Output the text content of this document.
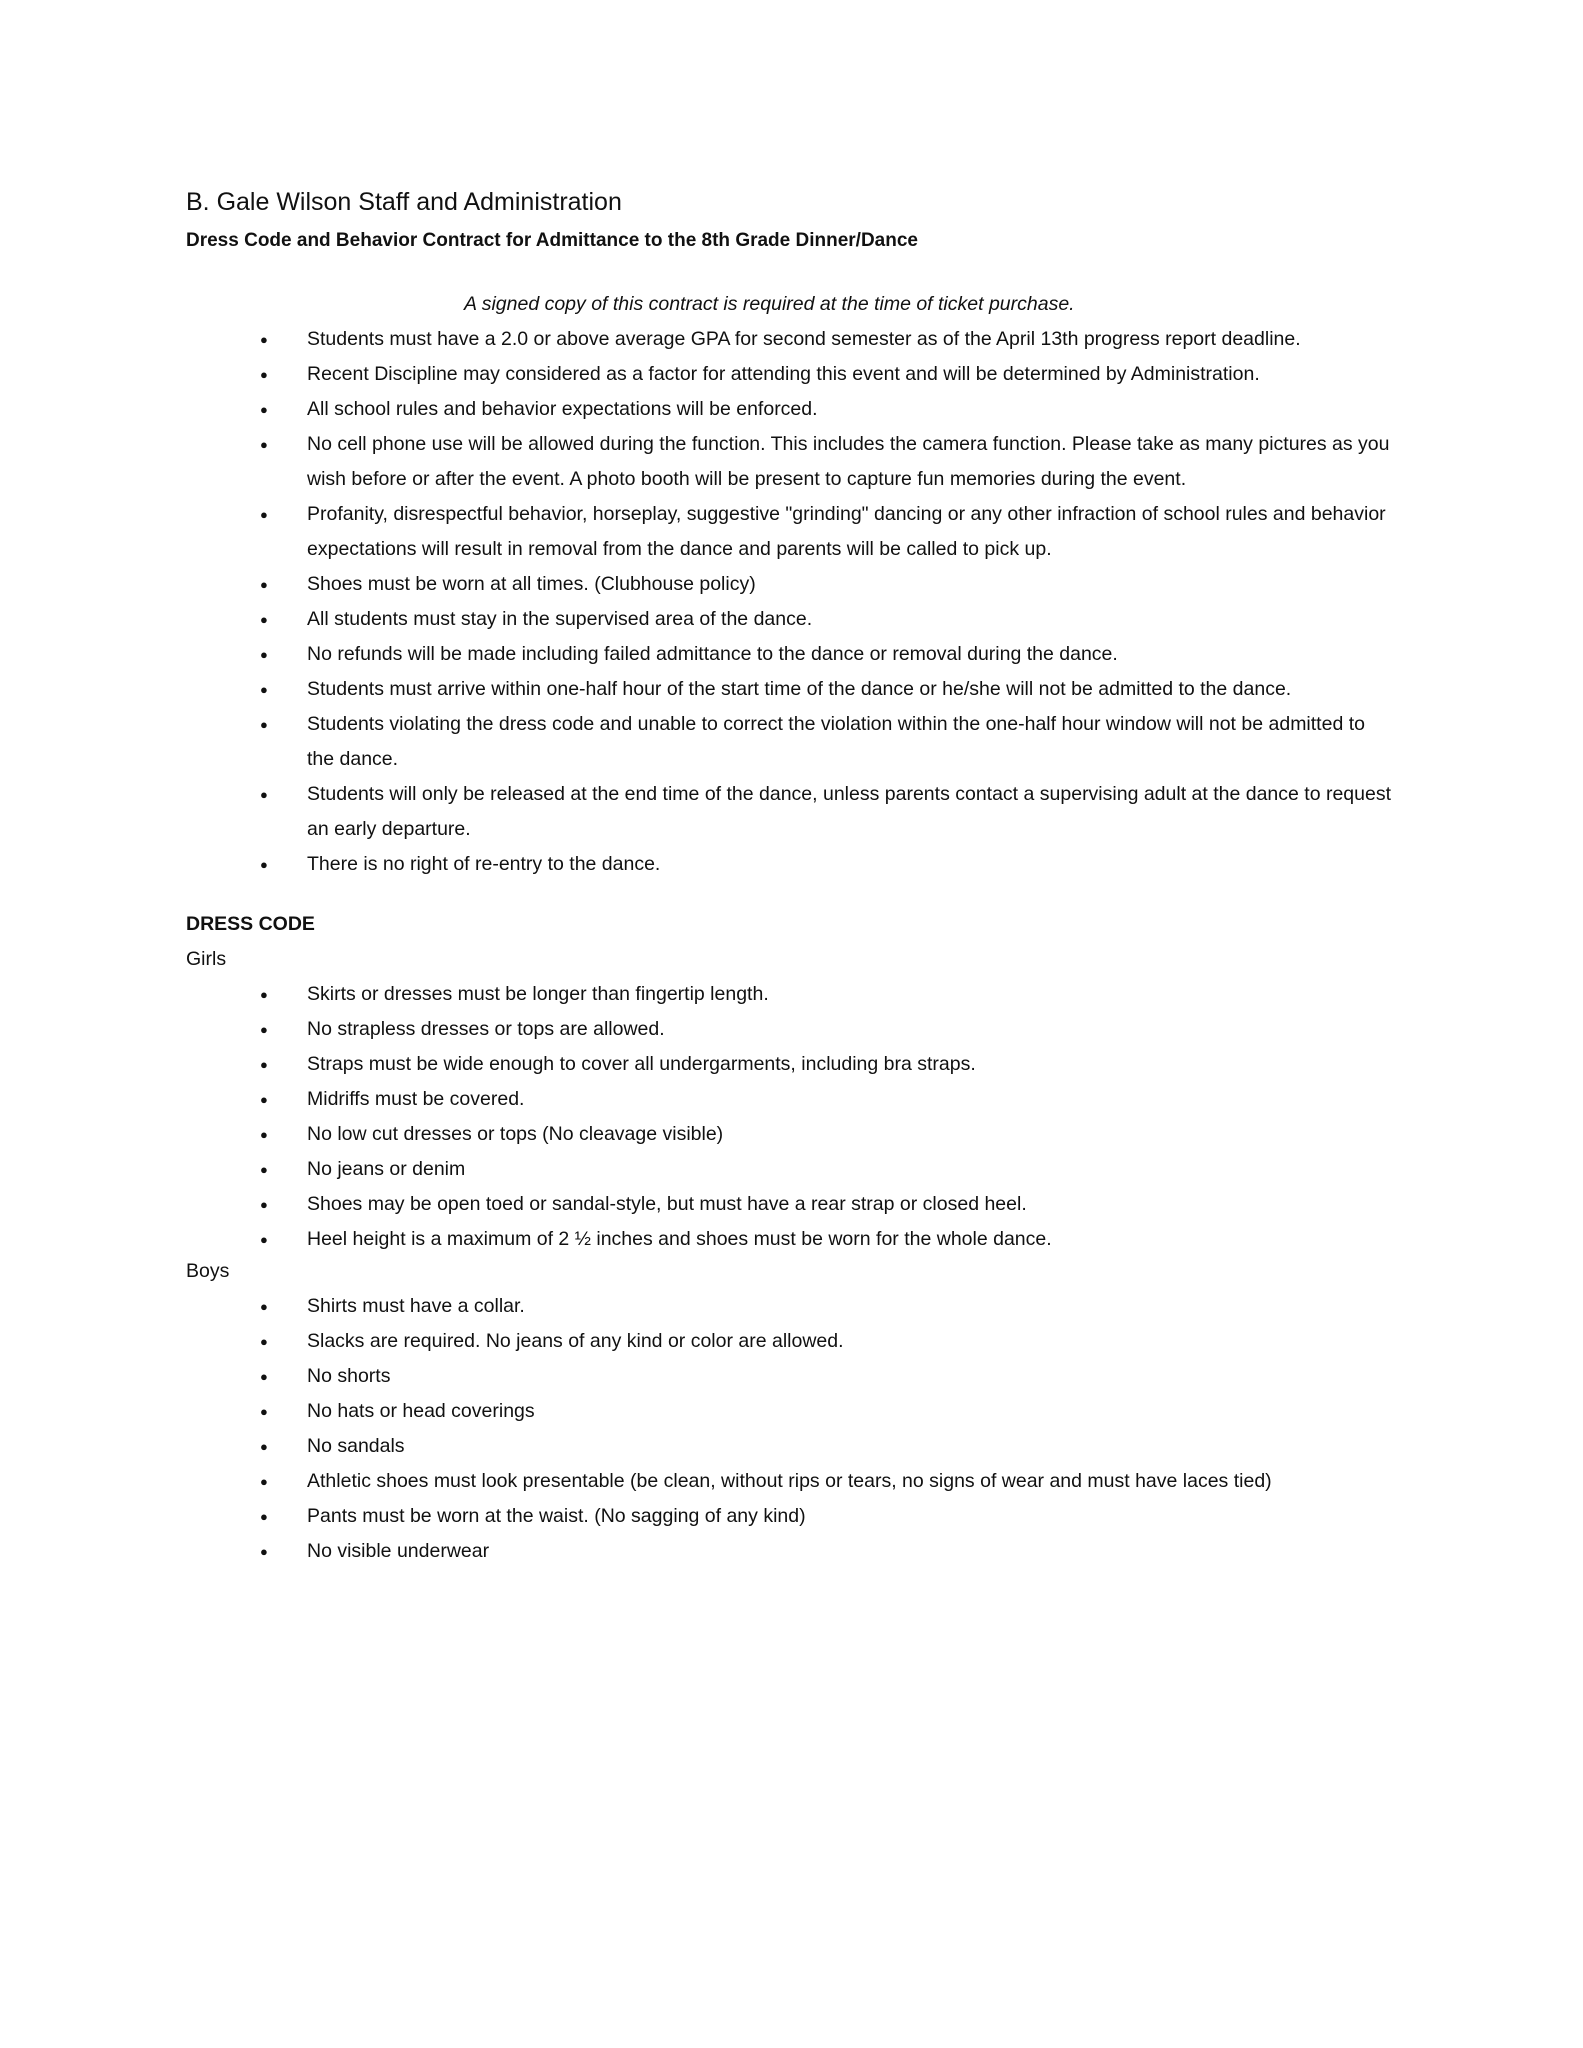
B. Gale Wilson Staff and Administration
Dress Code and Behavior Contract for Admittance to the 8th Grade Dinner/Dance

A signed copy of this contract is required at the time of ticket purchase.

● Students must have a 2.0 or above average GPA for second semester as of the April 13th progress report deadline.
● Recent Discipline may considered as a factor for attending this event and will be determined by Administration.
● All school rules and behavior expectations will be enforced.
● No cell phone use will be allowed during the function. This includes the camera function. Please take as many pictures as you wish before or after the event. A photo booth will be present to capture fun memories during the event.
● Profanity, disrespectful behavior, horseplay, suggestive "grinding" dancing or any other infraction of school rules and behavior expectations will result in removal from the dance and parents will be called to pick up.
● Shoes must be worn at all times. (Clubhouse policy)
● All students must stay in the supervised area of the dance.
● No refunds will be made including failed admittance to the dance or removal during the dance.
● Students must arrive within one-half hour of the start time of the dance or he/she will not be admitted to the dance.
● Students violating the dress code and unable to correct the violation within the one-half hour window will not be admitted to the dance.
● Students will only be released at the end time of the dance, unless parents contact a supervising adult at the dance to request an early departure.
● There is no right of re-entry to the dance.
DRESS CODE

Girls

● Skirts or dresses must be longer than fingertip length.
● No strapless dresses or tops are allowed.
● Straps must be wide enough to cover all undergarments, including bra straps.
● Midriffs must be covered.
● No low cut dresses or tops (No cleavage visible)
● No jeans or denim
● Shoes may be open toed or sandal-style, but must have a rear strap or closed heel.
● Heel height is a maximum of 2 ½ inches and shoes must be worn for the whole dance.

Boys

● Shirts must have a collar.
● Slacks are required. No jeans of any kind or color are allowed.
● No shorts
● No hats or head coverings
● No sandals
● Athletic shoes must look presentable (be clean, without rips or tears, no signs of wear and must have laces tied)
● Pants must be worn at the waist. (No sagging of any kind)
● No visible underwear
